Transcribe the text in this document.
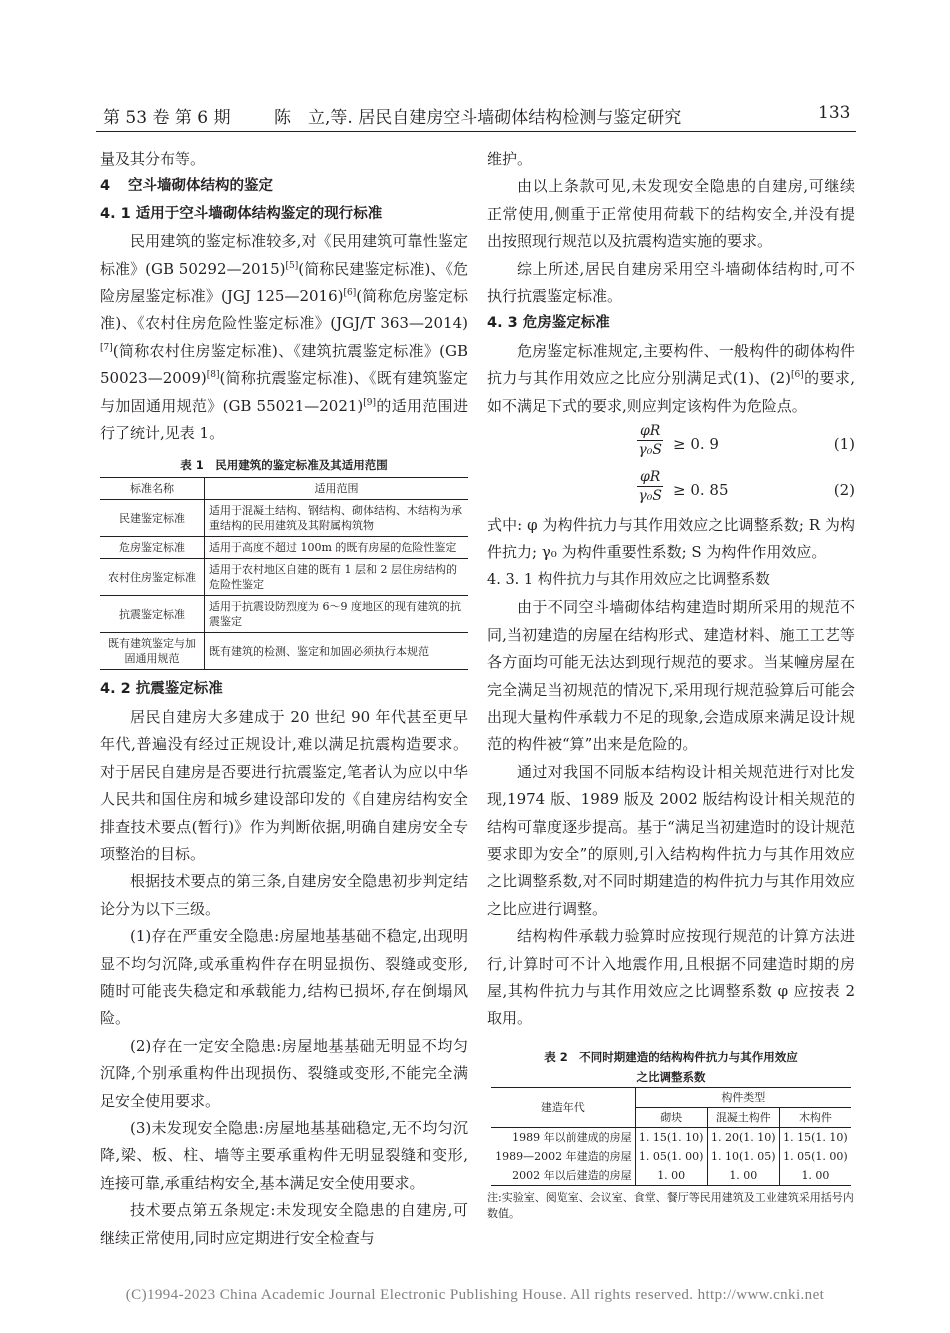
第 53 卷 第 6 期	陈　立,等. 居民自建房空斗墙砌体结构检测与鉴定研究	133

量及其分布等。

4 空斗墙砌体结构的鉴定

4. 1 适用于空斗墙砌体结构鉴定的现行标准

民用建筑的鉴定标准较多,对《民用建筑可靠性鉴定标准》(GB 50292—2015)[5](简称民建鉴定标准)、《危险房屋鉴定标准》(JGJ 125—2016)[6](简称危房鉴定标准)、《农村住房危险性鉴定标准》(JGJ/T 363—2014)[7](简称农村住房鉴定标准)、《建筑抗震鉴定标准》(GB 50023—2009)[8](简称抗震鉴定标准)、《既有建筑鉴定与加固通用规范》(GB 55021—2021)[9]的适用范围进行了统计,见表 1。

表 1　民用建筑的鉴定标准及其适用范围
标准名称	适用范围
民建鉴定标准	适用于混凝土结构、钢结构、砌体结构、木结构为承重结构的民用建筑及其附属构筑物
危房鉴定标准	适用于高度不超过 100m 的既有房屋的危险性鉴定
农村住房鉴定标准	适用于农村地区自建的既有 1 层和 2 层住房结构的危险性鉴定
抗震鉴定标准	适用于抗震设防烈度为 6～9 度地区的现有建筑的抗震鉴定
既有建筑鉴定与加固通用规范	既有建筑的检测、鉴定和加固必须执行本规范

4. 2 抗震鉴定标准

居民自建房大多建成于 20 世纪 90 年代甚至更早年代,普遍没有经过正规设计,难以满足抗震构造要求。对于居民自建房是否要进行抗震鉴定,笔者认为应以中华人民共和国住房和城乡建设部印发的《自建房结构安全排查技术要点(暂行)》作为判断依据,明确自建房安全专项整治的目标。

根据技术要点的第三条,自建房安全隐患初步判定结论分为以下三级。

(1)存在严重安全隐患:房屋地基基础不稳定,出现明显不均匀沉降,或承重构件存在明显损伤、裂缝或变形,随时可能丧失稳定和承载能力,结构已损坏,存在倒塌风险。

(2)存在一定安全隐患:房屋地基基础无明显不均匀沉降,个别承重构件出现损伤、裂缝或变形,不能完全满足安全使用要求。

(3)未发现安全隐患:房屋地基基础稳定,无不均匀沉降,梁、板、柱、墙等主要承重构件无明显裂缝和变形,连接可靠,承重结构安全,基本满足安全使用要求。

技术要点第五条规定:未发现安全隐患的自建房,可继续正常使用,同时应定期进行安全检查与

维护。

由以上条款可见,未发现安全隐患的自建房,可继续正常使用,侧重于正常使用荷载下的结构安全,并没有提出按照现行规范以及抗震构造实施的要求。

综上所述,居民自建房采用空斗墙砌体结构时,可不执行抗震鉴定标准。

4. 3 危房鉴定标准

危房鉴定标准规定,主要构件、一般构件的砌体构件抗力与其作用效应之比应分别满足式(1)、(2)[6]的要求,如不满足下式的要求,则应判定该构件为危险点。

$\frac{\varphi R}{\text{γ₀S}} \ge 0$. 9	(1)
$\frac{\varphi R}{\text{γ₀S}} \ge 0$. 85	(2)

式中: φ 为构件抗力与其作用效应之比调整系数; R 为构件抗力; γ₀ 为构件重要性系数; S 为构件作用效应。

4. 3. 1 构件抗力与其作用效应之比调整系数

由于不同空斗墙砌体结构建造时期所采用的规范不同,当初建造的房屋在结构形式、建造材料、施工工艺等各方面均可能无法达到现行规范的要求。当某幢房屋在完全满足当初规范的情况下,采用现行规范验算后可能会出现大量构件承载力不足的现象,会造成原来满足设计规范的构件被“算”出来是危险的。

通过对我国不同版本结构设计相关规范进行对比发现,1974 版、1989 版及 2002 版结构设计相关规范的结构可靠度逐步提高。基于“满足当初建造时的设计规范要求即为安全”的原则,引入结构构件抗力与其作用效应之比调整系数,对不同时期建造的构件抗力与其作用效应之比应进行调整。

结构构件承载力验算时应按现行规范的计算方法进行,计算时可不计入地震作用,且根据不同建造时期的房屋,其构件抗力与其作用效应之比调整系数 φ 应按表 2 取用。

表 2　不同时期建造的结构构件抗力与其作用效应
之比调整系数
建造年代	构件类型		
	砌块	混凝土构件	木构件
1989 年以前建成的房屋	1. 15(1. 10)	1. 20(1. 10)	1. 15(1. 10)
1989—2002 年建造的房屋	1. 05(1. 00)	1. 10(1. 05)	1. 05(1. 00)
2002 年以后建造的房屋	1. 00	1. 00	1. 00
注:实验室、阅览室、会议室、食堂、餐厅等民用建筑及工业建筑采用括号内数值。
(C)1994-2023 China Academic Journal Electronic Publishing House. All rights reserved. http://www.cnki.net
